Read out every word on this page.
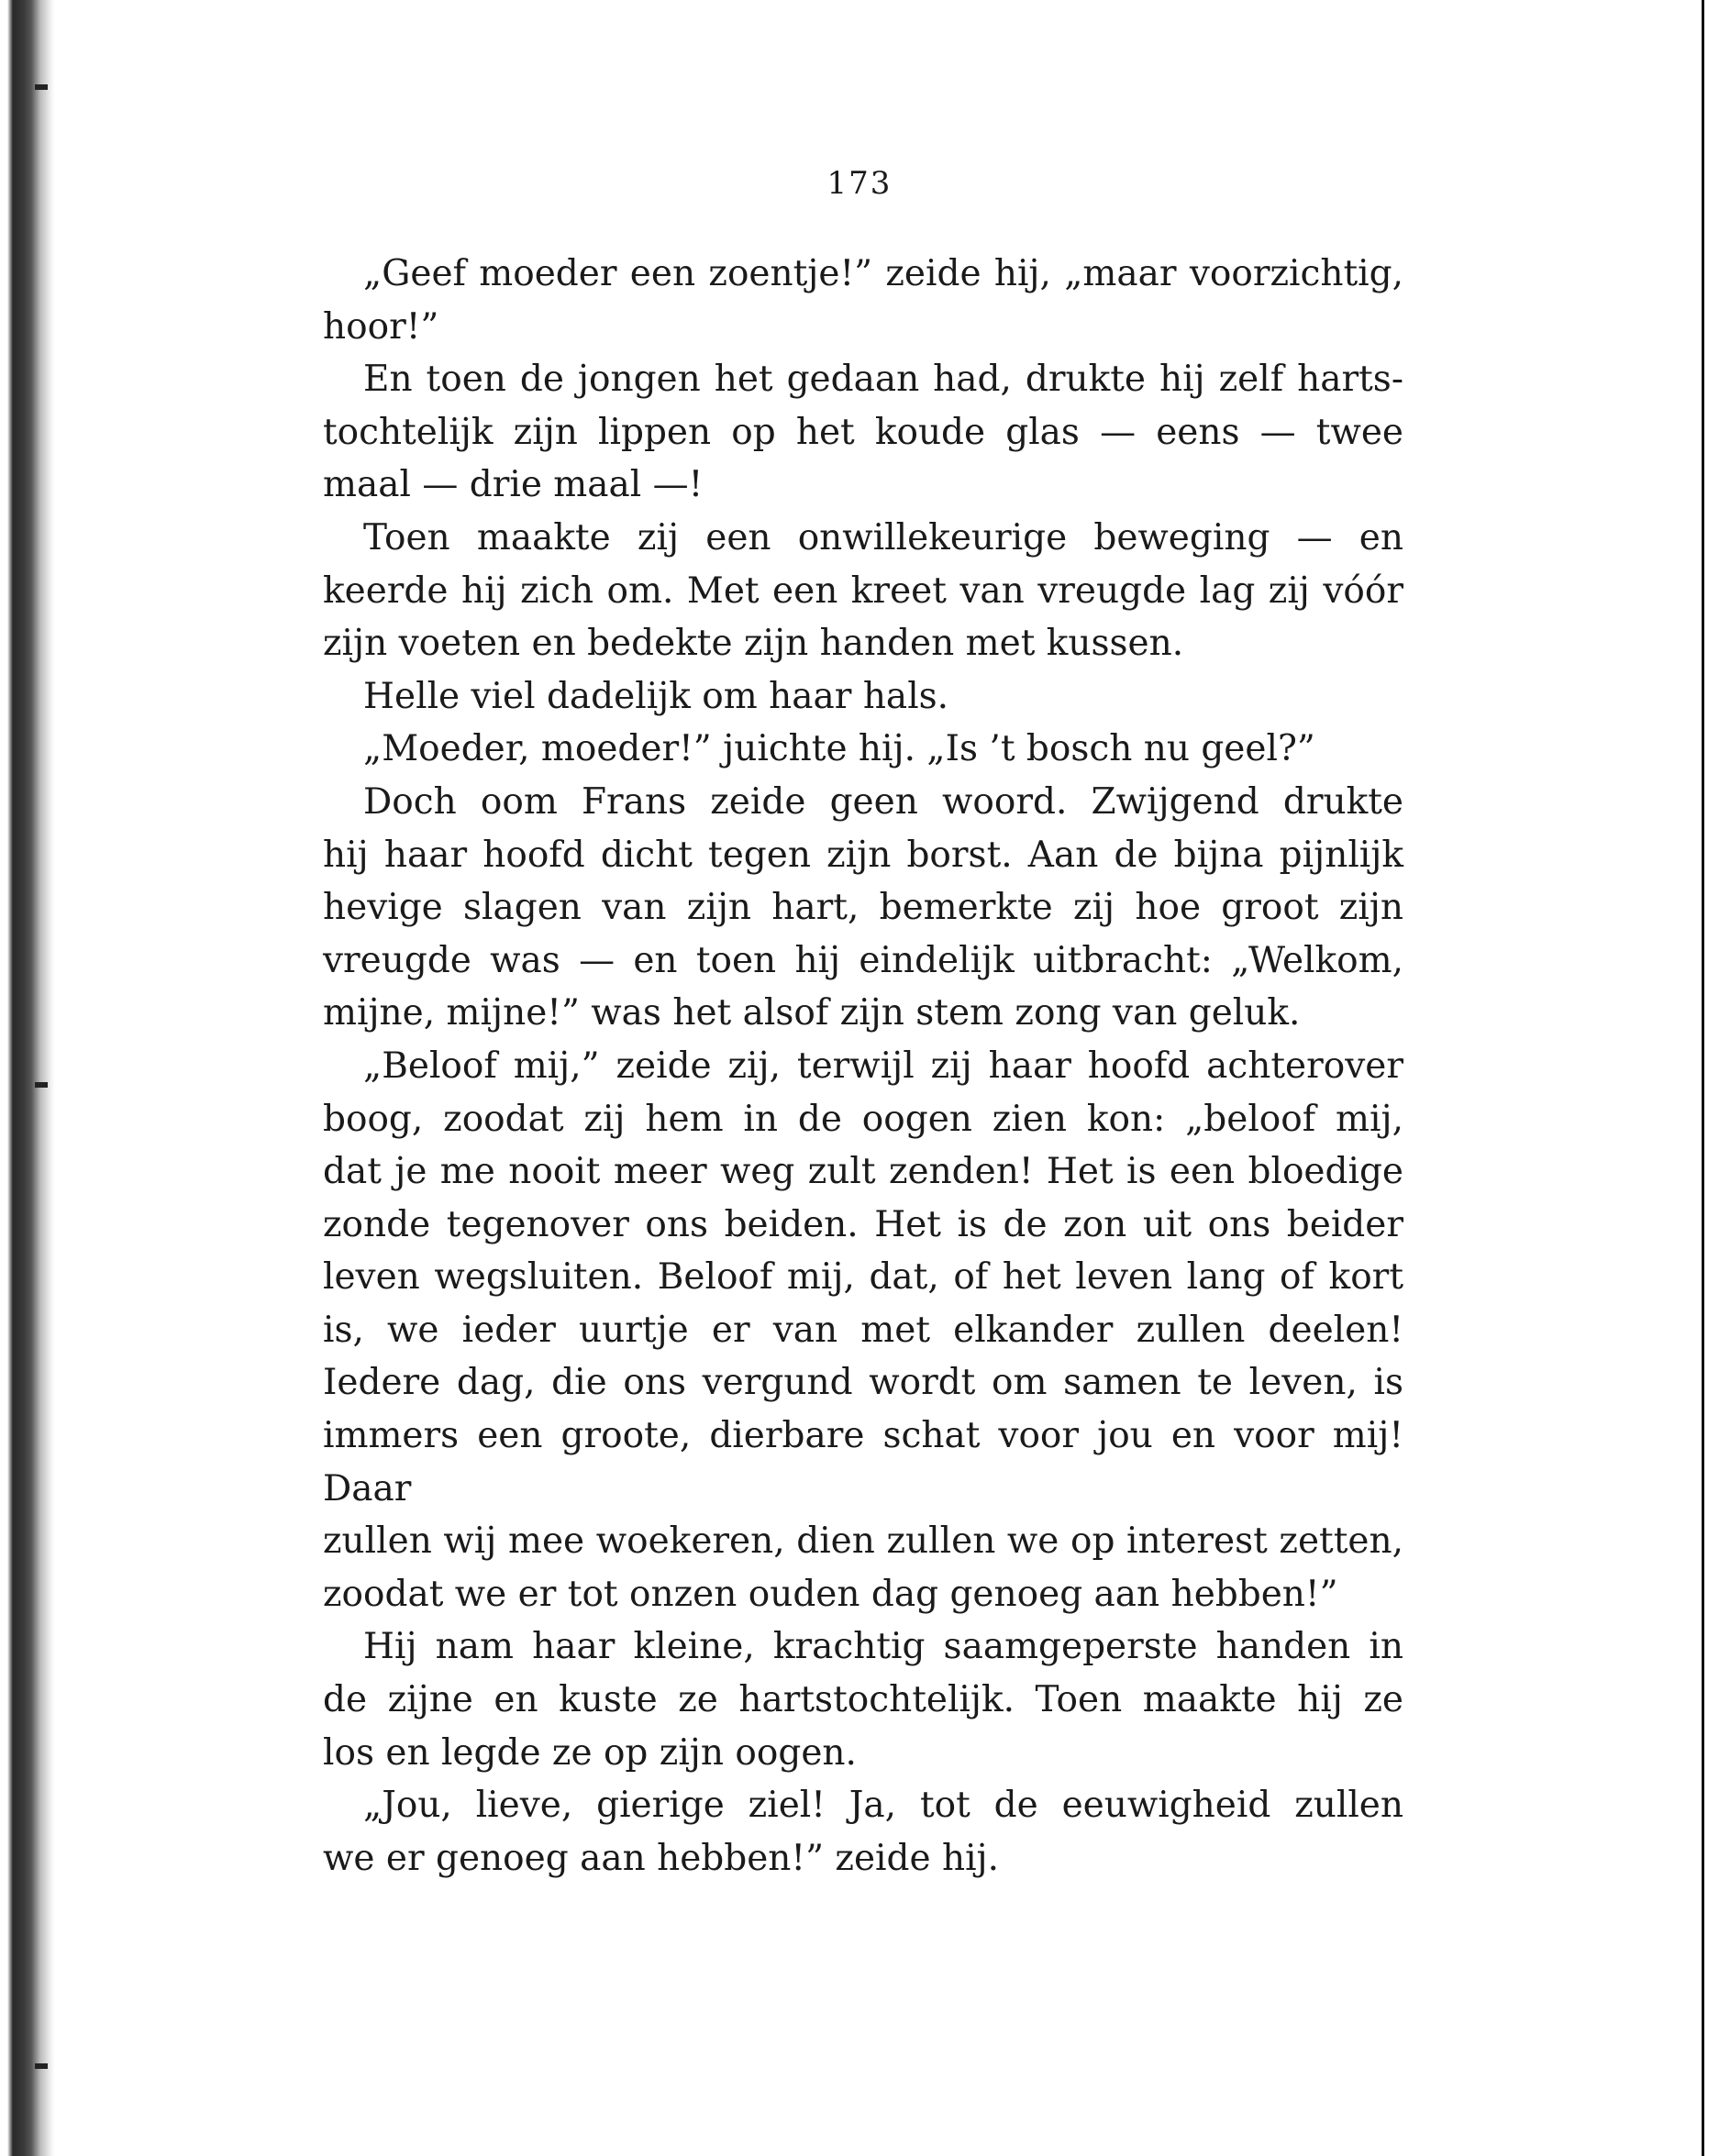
173
„Geef moeder een zoentje!” zeide hij, „maar voorzichtig,
hoor!”
En toen de jongen het gedaan had, drukte hij zelf harts-
tochtelijk zijn lippen op het koude glas — eens — twee
maal — drie maal —!
Toen maakte zij een onwillekeurige beweging — en
keerde hij zich om. Met een kreet van vreugde lag zij vóór
zijn voeten en bedekte zijn handen met kussen.
Helle viel dadelijk om haar hals.
„Moeder, moeder!” juichte hij. „Is ’t bosch nu geel?”
Doch oom Frans zeide geen woord. Zwijgend drukte
hij haar hoofd dicht tegen zijn borst. Aan de bijna pijnlijk
hevige slagen van zijn hart, bemerkte zij hoe groot zijn
vreugde was — en toen hij eindelijk uitbracht: „Welkom,
mijne, mijne!” was het alsof zijn stem zong van geluk.
„Beloof mij,” zeide zij, terwijl zij haar hoofd achterover
boog, zoodat zij hem in de oogen zien kon: „beloof mij,
dat je me nooit meer weg zult zenden! Het is een bloedige
zonde tegenover ons beiden. Het is de zon uit ons beider
leven wegsluiten. Beloof mij, dat, of het leven lang of kort
is, we ieder uurtje er van met elkander zullen deelen!
Iedere dag, die ons vergund wordt om samen te leven, is
immers een groote, dierbare schat voor jou en voor mij! Daar
zullen wij mee woekeren, dien zullen we op interest zetten,
zoodat we er tot onzen ouden dag genoeg aan hebben!”
Hij nam haar kleine, krachtig saamgeperste handen in
de zijne en kuste ze hartstochtelijk. Toen maakte hij ze
los en legde ze op zijn oogen.
„Jou, lieve, gierige ziel! Ja, tot de eeuwigheid zullen
we er genoeg aan hebben!” zeide hij.
